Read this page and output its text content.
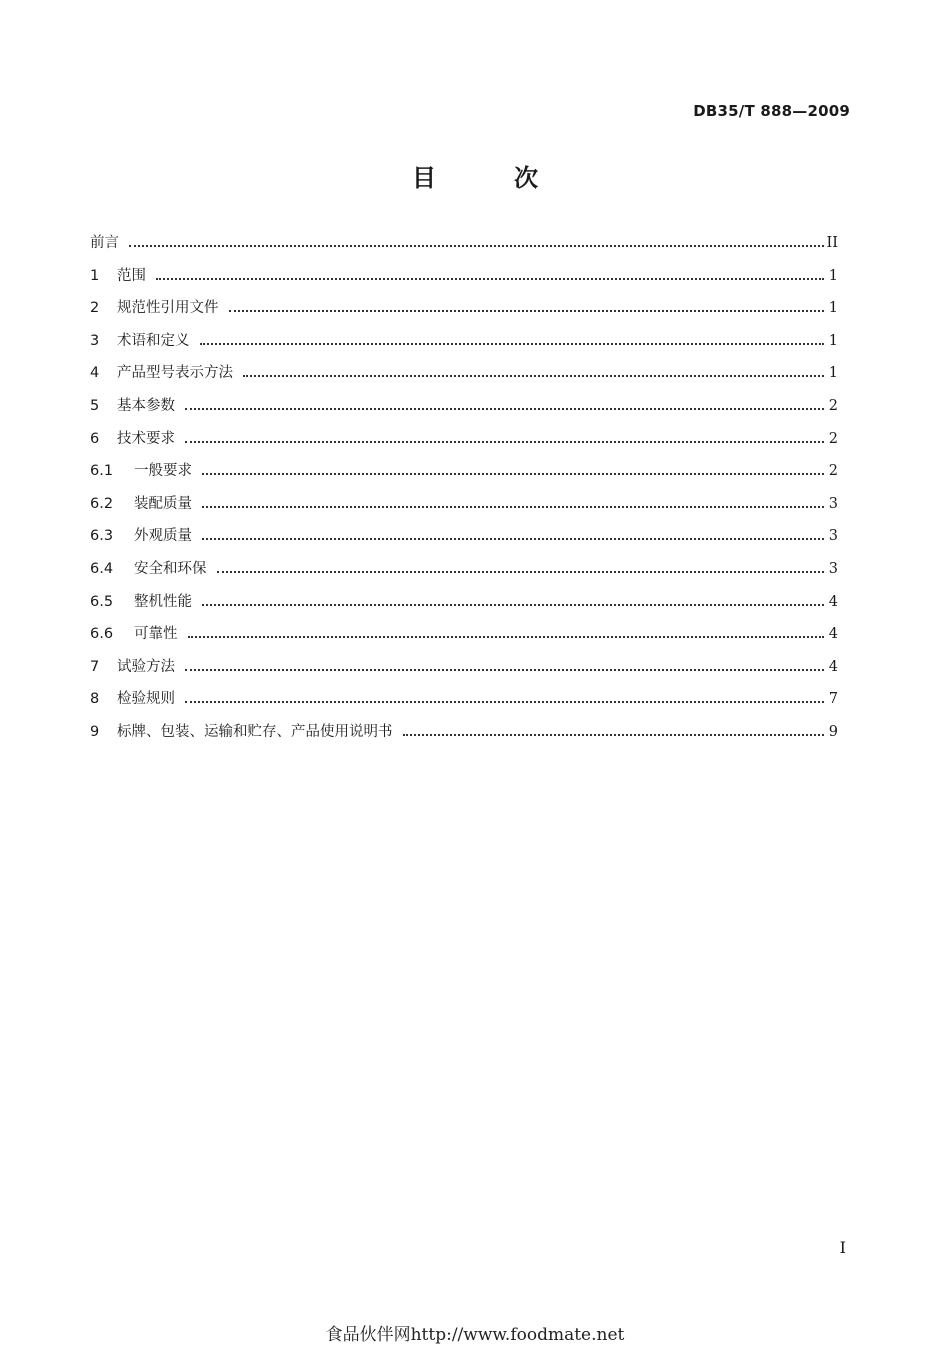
DB35/T 888—2009
目	次
前言	II
1	范围	1
2	规范性引用文件	1
3	术语和定义	1
4	产品型号表示方法	1
5	基本参数	2
6	技术要求	2
6.1	一般要求	2
6.2	装配质量	3
6.3	外观质量	3
6.4	安全和环保	3
6.5	整机性能	4
6.6	可靠性	4
7	试验方法	4
8	检验规则	7
9	标牌、包装、运输和贮存、产品使用说明书	9
I
食品伙伴网http://www.foodmate.net
